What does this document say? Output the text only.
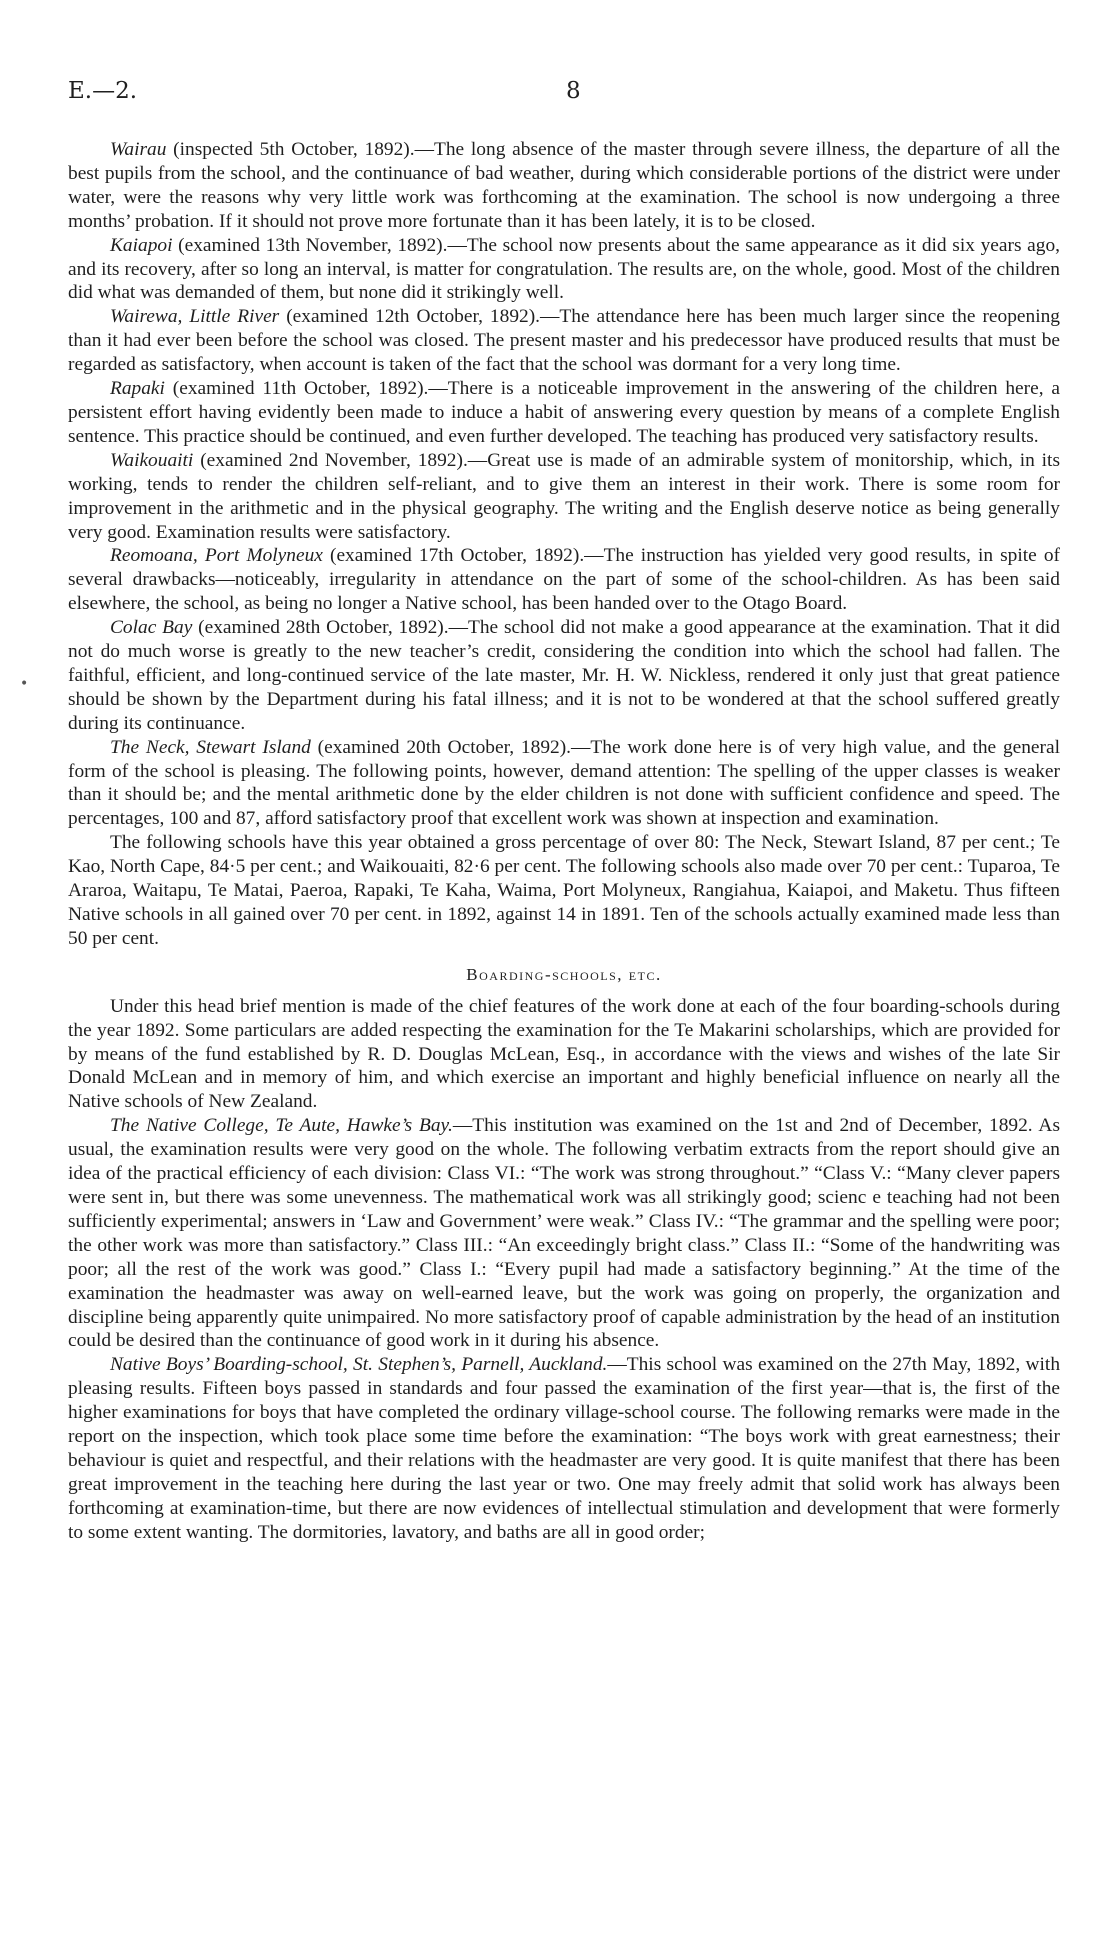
E.—2.	8
•

Wairau (inspected 5th October, 1892).—The long absence of the master through severe illness, the departure of all the best pupils from the school, and the continuance of bad weather, during which considerable portions of the district were under water, were the reasons why very little work was forthcoming at the examination. The school is now undergoing a three months’ probation. If it should not prove more fortunate than it has been lately, it is to be closed.

Kaiapoi (examined 13th November, 1892).—The school now presents about the same appearance as it did six years ago, and its recovery, after so long an interval, is matter for congratulation. The results are, on the whole, good. Most of the children did what was demanded of them, but none did it strikingly well.

Wairewa, Little River (examined 12th October, 1892).—The attendance here has been much larger since the reopening than it had ever been before the school was closed. The present master and his predecessor have produced results that must be regarded as satisfactory, when account is taken of the fact that the school was dormant for a very long time.

Rapaki (examined 11th October, 1892).—There is a noticeable improvement in the answering of the children here, a persistent effort having evidently been made to induce a habit of answering every question by means of a complete English sentence. This practice should be continued, and even further developed. The teaching has produced very satisfactory results.

Waikouaiti (examined 2nd November, 1892).—Great use is made of an admirable system of monitorship, which, in its working, tends to render the children self-reliant, and to give them an interest in their work. There is some room for improvement in the arithmetic and in the physical geography. The writing and the English deserve notice as being generally very good. Examination results were satisfactory.

Reomoana, Port Molyneux (examined 17th October, 1892).—The instruction has yielded very good results, in spite of several drawbacks—noticeably, irregularity in attendance on the part of some of the school-children. As has been said elsewhere, the school, as being no longer a Native school, has been handed over to the Otago Board.

Colac Bay (examined 28th October, 1892).—The school did not make a good appearance at the examination. That it did not do much worse is greatly to the new teacher’s credit, considering the condition into which the school had fallen. The faithful, efficient, and long-continued service of the late master, Mr. H. W. Nickless, rendered it only just that great patience should be shown by the Department during his fatal illness; and it is not to be wondered at that the school suffered greatly during its continuance.

The Neck, Stewart Island (examined 20th October, 1892).—The work done here is of very high value, and the general form of the school is pleasing. The following points, however, demand attention: The spelling of the upper classes is weaker than it should be; and the mental arithmetic done by the elder children is not done with sufficient confidence and speed. The percentages, 100 and 87, afford satisfactory proof that excellent work was shown at inspection and examination.

The following schools have this year obtained a gross percentage of over 80: The Neck, Stewart Island, 87 per cent.; Te Kao, North Cape, 84·5 per cent.; and Waikouaiti, 82·6 per cent. The following schools also made over 70 per cent.: Tuparoa, Te Araroa, Waitapu, Te Matai, Paeroa, Rapaki, Te Kaha, Waima, Port Molyneux, Rangiahua, Kaiapoi, and Maketu. Thus fifteen Native schools in all gained over 70 per cent. in 1892, against 14 in 1891. Ten of the schools actually examined made less than 50 per cent.

Boarding-schools, etc.

Under this head brief mention is made of the chief features of the work done at each of the four boarding-schools during the year 1892. Some particulars are added respecting the examination for the Te Makarini scholarships, which are provided for by means of the fund established by R. D. Douglas McLean, Esq., in accordance with the views and wishes of the late Sir Donald McLean and in memory of him, and which exercise an important and highly beneficial influence on nearly all the Native schools of New Zealand.

The Native College, Te Aute, Hawke’s Bay.—This institution was examined on the 1st and 2nd of December, 1892. As usual, the examination results were very good on the whole. The following verbatim extracts from the report should give an idea of the practical efficiency of each division: Class VI.: “The work was strong throughout.” “Class V.: “Many clever papers were sent in, but there was some unevenness. The mathematical work was all strikingly good; scienc e teaching had not been sufficiently experimental; answers in ‘Law and Government’ were weak.” Class IV.: “The grammar and the spelling were poor; the other work was more than satisfactory.” Class III.: “An exceedingly bright class.” Class II.: “Some of the handwriting was poor; all the rest of the work was good.” Class I.: “Every pupil had made a satisfactory beginning.” At the time of the examination the headmaster was away on well-earned leave, but the work was going on properly, the organization and discipline being apparently quite unimpaired. No more satisfactory proof of capable administration by the head of an institution could be desired than the continuance of good work in it during his absence.

Native Boys’ Boarding-school, St. Stephen’s, Parnell, Auckland.—This school was examined on the 27th May, 1892, with pleasing results. Fifteen boys passed in standards and four passed the examination of the first year—that is, the first of the higher examinations for boys that have completed the ordinary village-school course. The following remarks were made in the report on the inspection, which took place some time before the examination: “The boys work with great earnestness; their behaviour is quiet and respectful, and their relations with the headmaster are very good. It is quite manifest that there has been great improvement in the teaching here during the last year or two. One may freely admit that solid work has always been forthcoming at examination-time, but there are now evidences of intellectual stimulation and development that were formerly to some extent wanting. The dormitories, lavatory, and baths are all in good order;
